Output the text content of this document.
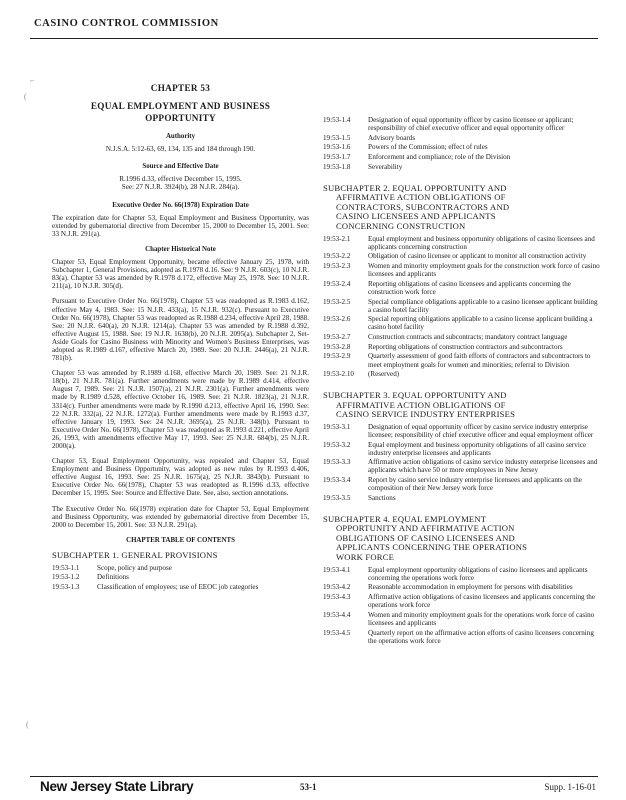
CASINO CONTROL COMMISSION
⌐
(
(
CHAPTER 53
EQUAL EMPLOYMENT AND BUSINESS
OPPORTUNITY
Authority
N.J.S.A. 5:12-63, 69, 134, 135 and 184 through 190.
Source and Effective Date
R.1996 d.33, effective December 15, 1995.
See: 27 N.J.R. 3924(b), 28 N.J.R. 284(a).
Executive Order No. 66(1978) Expiration Date

The expiration date for Chapter 53, Equal Employment and Business Opportunity, was extended by gubernatorial directive from December 15, 2000 to December 15, 2001. See: 33 N.J.R. 291(a).

Chapter Historical Note

Chapter 53, Equal Employment Opportunity, became effective January 25, 1978, with Subchapter 1, General Provisions, adopted as R.1978 d.16. See: 9 N.J.R. 603(c), 10 N.J.R. 83(a). Chapter 53 was amended by R.1978 d.172, effective May 25, 1978. See: 10 N.J.R. 211(a), 10 N.J.R. 305(d).

Pursuant to Executive Order No. 66(1978), Chapter 53 was readopted as R.1983 d.162, effective May 4, 1983. See: 15 N.J.R. 433(a), 15 N.J.R. 932(c). Pursuant to Executive Order No. 66(1978), Chapter 53 was readopted as R.1988 d.234, effective April 28, 1988. See: 20 N.J.R. 640(a), 20 N.J.R. 1214(a). Chapter 53 was amended by R.1988 d.392, effective August 15, 1988. See: 19 N.J.R. 1638(b), 20 N.J.R. 2095(a). Subchapter 2, Set-Aside Goals for Casino Business with Minority and Women's Business Enterprises, was adopted as R.1989 d.167, effective March 20, 1989. See: 20 N.J.R. 2446(a), 21 N.J.R. 781(b).

Chapter 53 was amended by R.1989 d.168, effective March 20, 1989. See: 21 N.J.R. 18(b), 21 N.J.R. 781(a). Further amendments were made by R.1989 d.414, effective August 7, 1989. See: 21 N.J.R. 1507(a), 21 N.J.R. 2301(a). Further amendments were made by R.1989 d.528, effective October 16, 1989. See: 21 N.J.R. 1823(a), 21 N.J.R. 3314(c). Further amendments were made by R.1990 d.213, effective April 16, 1990. See: 22 N.J.R. 332(a), 22 N.J.R. 1272(a). Further amendments were made by R.1993 d.37, effective January 19, 1993. See: 24 N.J.R. 3695(a), 25 N.J.R. 348(b). Pursuant to Executive Order No. 66(1978), Chapter 53 was readopted as R.1993 d.221, effective April 26, 1993, with amendments effective May 17, 1993. See: 25 N.J.R. 684(b), 25 N.J.R. 2000(a).

Chapter 53, Equal Employment Opportunity, was repealed and Chapter 53, Equal Employment and Business Opportunity, was adopted as new rules by R.1993 d.406, effective August 16, 1993. See: 25 N.J.R. 1675(a), 25 N.J.R. 3843(b). Pursuant to Executive Order No. 66(1978), Chapter 53 was readopted as R.1996 d.33, effective December 15, 1995. See: Source and Effective Date. See, also, section annotations.

The Executive Order No. 66(1978) expiration date for Chapter 53, Equal Employment and Business Opportunity, was extended by gubernatorial directive from December 15, 2000 to December 15, 2001. See: 33 N.J.R. 291(a).

CHAPTER TABLE OF CONTENTS
SUBCHAPTER 1. GENERAL PROVISIONS
19:53-1.1	Scope, policy and purpose
19:53-1.2	Definitions
19:53-1.3	Classification of employees; use of EEOC job categories
19:53-1.4	Designation of equal opportunity officer by casino licensee or applicant; responsibility of chief executive officer and equal opportunity officer
19:53-1.5	Advisory boards
19:53-1.6	Powers of the Commission; effect of rules
19:53-1.7	Enforcement and compliance; role of the Division
19:53-1.8	Severability
SUBCHAPTER 2. EQUAL OPPORTUNITY AND
AFFIRMATIVE ACTION OBLIGATIONS OF
CONTRACTORS, SUBCONTRACTORS AND
CASINO LICENSEES AND APPLICANTS
CONCERNING CONSTRUCTION
19:53-2.1	Equal employment and business opportunity obligations of casino licensees and applicants concerning construction
19:53-2.2	Obligation of casino licensee or applicant to monitor all construction activity
19:53-2.3	Women and minority employment goals for the construction work force of casino licensees and applicants
19:53-2.4	Reporting obligations of casino licensees and applicants concerning the construction work force
19:53-2.5	Special compliance obligations applicable to a casino licensee applicant building a casino hotel facility
19:53-2.6	Special reporting obligations applicable to a casino license applicant building a casino hotel facility
19:53-2.7	Construction contracts and subcontracts; mandatory contract language
19:53-2.8	Reporting obligations of construction contractors and subcontractors
19:53-2.9	Quarterly assessment of good faith efforts of contractors and subcontractors to meet employment goals for women and minorities; referral to Division
19:53-2.10	(Reserved)
SUBCHAPTER 3. EQUAL OPPORTUNITY AND
AFFIRMATIVE ACTION OBLIGATIONS OF
CASINO SERVICE INDUSTRY ENTERPRISES
19:53-3.1	Designation of equal opportunity officer by casino service industry enterprise licensee; responsibility of chief executive officer and equal employment officer
19:53-3.2	Equal employment and business opportunity obligations of all casino service industry enterprise licensees and applicants
19:53-3.3	Affirmative action obligations of casino service industry enterprise licensees and applicants which have 50 or more employees in New Jersey
19:53-3.4	Report by casino service industry enterprise licensees and applicants on the composition of their New Jersey work force
19:53-3.5	Sanctions
SUBCHAPTER 4. EQUAL EMPLOYMENT
OPPORTUNITY AND AFFIRMATIVE ACTION
OBLIGATIONS OF CASINO LICENSEES AND
APPLICANTS CONCERNING THE OPERATIONS
WORK FORCE
19:53-4.1	Equal employment opportunity obligations of casino licensees and applicants concerning the operations work force
19:53-4.2	Reasonable accommodation in employment for persons with disabilities
19:53-4.3	Affirmative action obligations of casino licensees and applicants concerning the operations work force
19:53-4.4	Women and minority employment goals for the operations work force of casino licensees and applicants
19:53-4.5	Quarterly report on the affirmative action efforts of casino licensees concerning the operations work force
New Jersey State Library	53-1	Supp. 1-16-01
